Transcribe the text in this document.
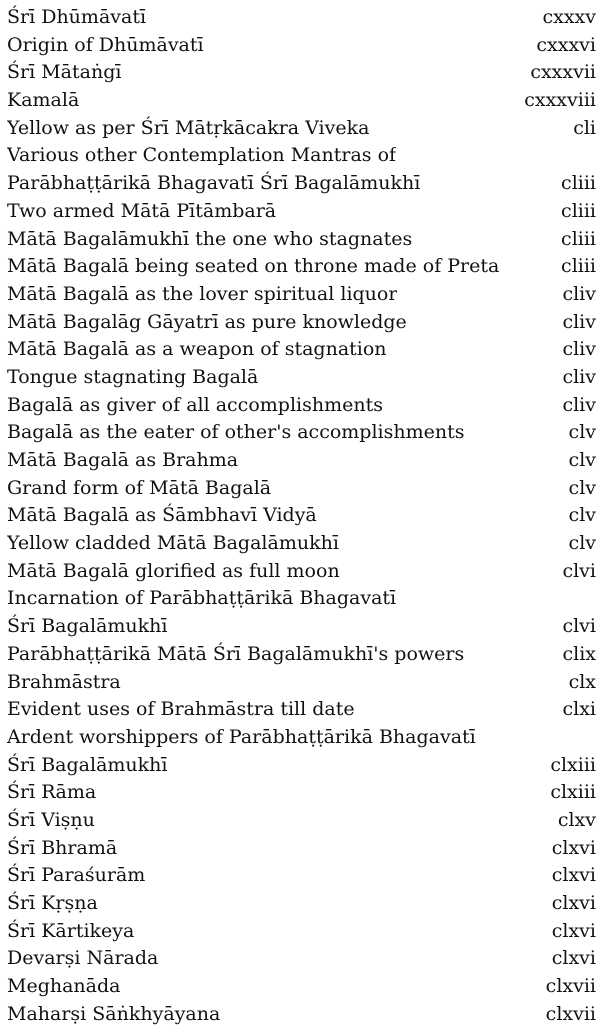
Śrī Dhūmāvatī	cxxxv
Origin of Dhūmāvatī	cxxxvi
Śrī Mātaṅgī	cxxxvii
Kamalā	cxxxviii
Yellow as per Śrī Mātṛkācakra Viveka	cli
Various other Contemplation Mantras of
Parābhaṭṭārikā Bhagavatī Śrī Bagalāmukhī	cliii
Two armed Mātā Pītāmbarā	cliii
Mātā Bagalāmukhī the one who stagnates	cliii
Mātā Bagalā being seated on throne made of Preta	cliii
Mātā Bagalā as the lover spiritual liquor	cliv
Mātā Bagalāg Gāyatrī as pure knowledge	cliv
Mātā Bagalā as a weapon of stagnation	cliv
Tongue stagnating Bagalā	cliv
Bagalā as giver of all accomplishments	cliv
Bagalā as the eater of other's accomplishments	clv
Mātā Bagalā as Brahma	clv
Grand form of Mātā Bagalā	clv
Mātā Bagalā as Śāmbhavī Vidyā	clv
Yellow cladded Mātā Bagalāmukhī	clv
Mātā Bagalā glorified as full moon	clvi
Incarnation of Parābhaṭṭārikā Bhagavatī
Śrī Bagalāmukhī	clvi
Parābhaṭṭārikā Mātā Śrī Bagalāmukhī's powers	clix
Brahmāstra	clx
Evident uses of Brahmāstra till date	clxi
Ardent worshippers of Parābhaṭṭārikā Bhagavatī
Śrī Bagalāmukhī	clxiii
Śrī Rāma	clxiii
Śrī Viṣṇu	clxv
Śrī Bhramā	clxvi
Śrī Paraśurām	clxvi
Śrī Kṛṣṇa	clxvi
Śrī Kārtikeya	clxvi
Devarṣi Nārada	clxvi
Meghanāda	clxvii
Maharṣi Sāṅkhyāyana	clxvii
